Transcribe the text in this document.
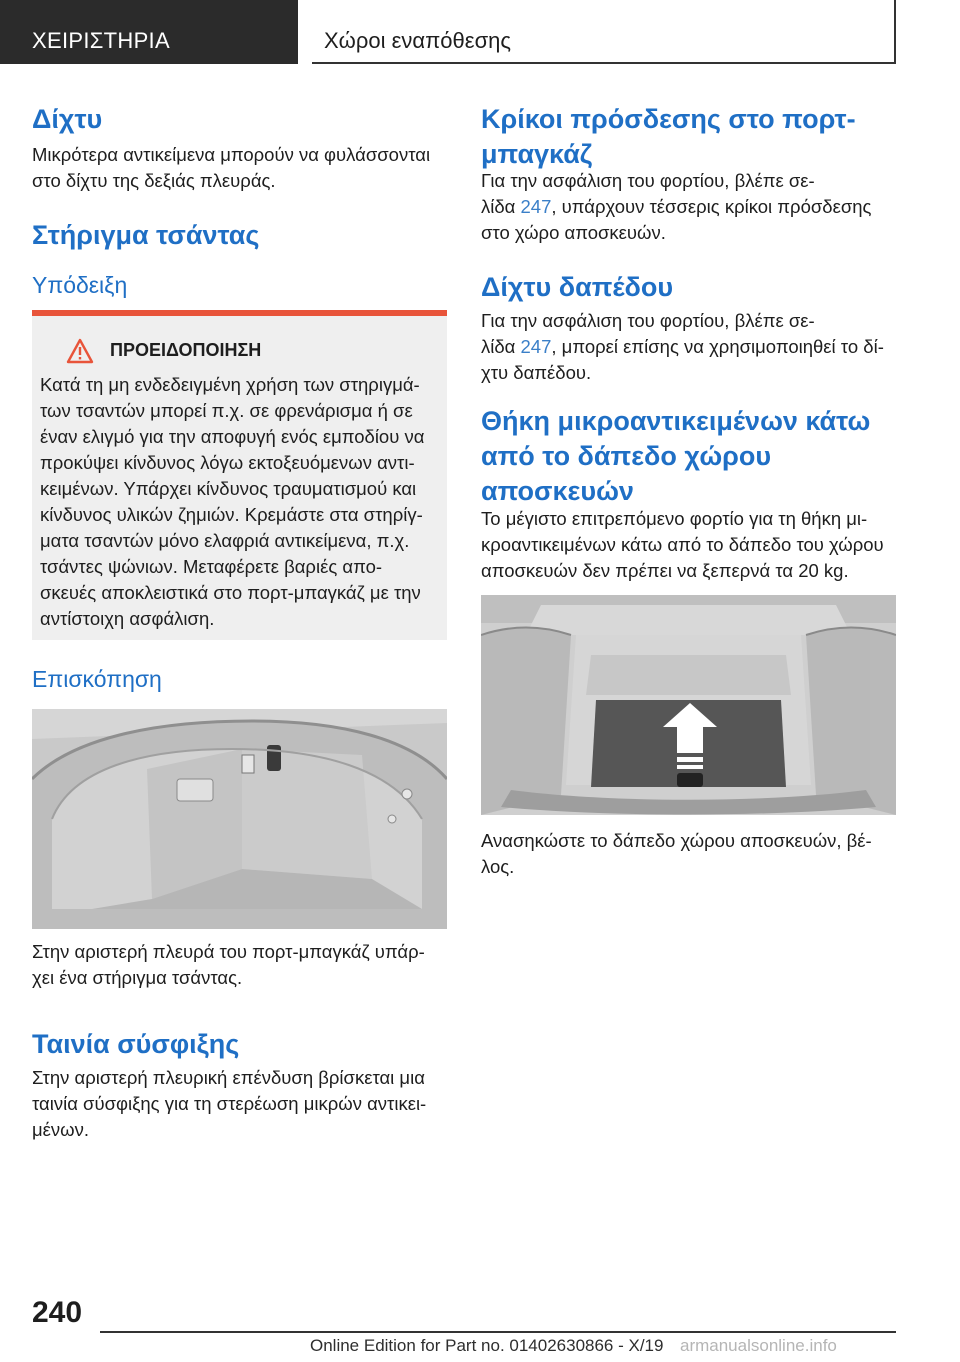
ΧΕΙΡΙΣΤΗΡΙΑ	Χώροι εναπόθεσης
Δίχτυ
Μικρότερα αντικείμενα μπορούν να φυλάσσονται
στο δίχτυ της δεξιάς πλευράς.
Στήριγμα τσάντας
Υπόδειξη
ΠΡΟΕΙΔΟΠΟΙΗΣΗ
Κατά τη μη ενδεδειγμένη χρήση των στηριγμά-
των τσαντών μπορεί π.χ. σε φρενάρισμα ή σε
έναν ελιγμό για την αποφυγή ενός εμποδίου να
προκύψει κίνδυνος λόγω εκτοξευόμενων αντι-
κειμένων. Υπάρχει κίνδυνος τραυματισμού και
κίνδυνος υλικών ζημιών. Κρεμάστε στα στηρίγ-
ματα τσαντών μόνο ελαφριά αντικείμενα, π.χ.
τσάντες ψώνιων. Μεταφέρετε βαριές απο-
σκευές αποκλειστικά στο πορτ-μπαγκάζ με την
αντίστοιχη ασφάλιση.
Επισκόπηση
Στην αριστερή πλευρά του πορτ-μπαγκάζ υπάρ-
χει ένα στήριγμα τσάντας.
Ταινία σύσφιξης
Στην αριστερή πλευρική επένδυση βρίσκεται μια
ταινία σύσφιξης για τη στερέωση μικρών αντικει-
μένων.
Κρίκοι πρόσδεσης στο πορτ-
μπαγκάζ
Για την ασφάλιση του φορτίου, βλέπε σε-
λίδα 247, υπάρχουν τέσσερις κρίκοι πρόσδεσης
στο χώρο αποσκευών.
Δίχτυ δαπέδου
Για την ασφάλιση του φορτίου, βλέπε σε-
λίδα 247, μπορεί επίσης να χρησιμοποιηθεί το δί-
χτυ δαπέδου.
Θήκη μικροαντικειμένων κάτω
από το δάπεδο χώρου
αποσκευών
Το μέγιστο επιτρεπόμενο φορτίο για τη θήκη μι-
κροαντικειμένων κάτω από το δάπεδο του χώρου
αποσκευών δεν πρέπει να ξεπερνά τα 20 kg.
Ανασηκώστε το δάπεδο χώρου αποσκευών, βέ-
λος.
240
Online Edition for Part no. 01402630866 - X/19 armanualsonline.info
